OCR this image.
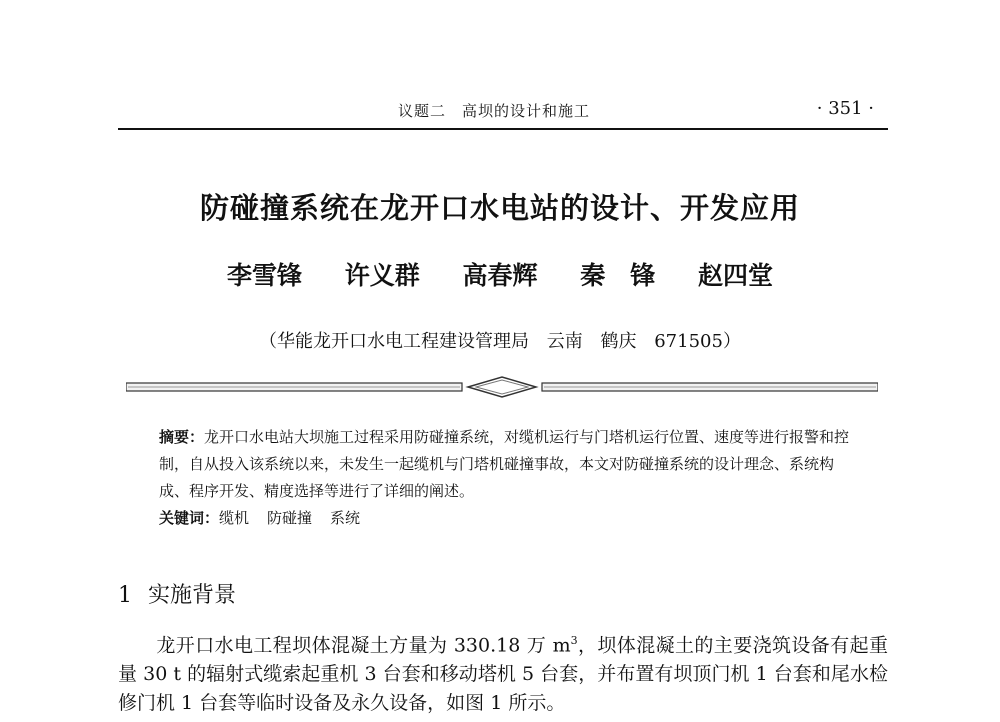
议题二　高坝的设计和施工	· 351 ·
防碰撞系统在龙开口水电站的设计、开发应用
李雪锋 许义群 高春辉 秦　锋 赵四堂
（华能龙开口水电工程建设管理局 云南 鹤庆 671505）
摘要：龙开口水电站大坝施工过程采用防碰撞系统，对缆机运行与门塔机运行位置、速度等进行报警和控制，自从投入该系统以来，未发生一起缆机与门塔机碰撞事故，本文对防碰撞系统的设计理念、系统构成、程序开发、精度选择等进行了详细的阐述。
关键词：缆机 防碰撞 系统
1 实施背景
龙开口水电工程坝体混凝土方量为 330.18 万 $m^3$，坝体混凝土的主要浇筑设备有起重量 30 t 的辐射式缆索起重机 3 台套和移动塔机 5 台套，并布置有坝顶门机 1 台套和尾水检修门机 1 台套等临时设备及永久设备，如图 1 所示。
